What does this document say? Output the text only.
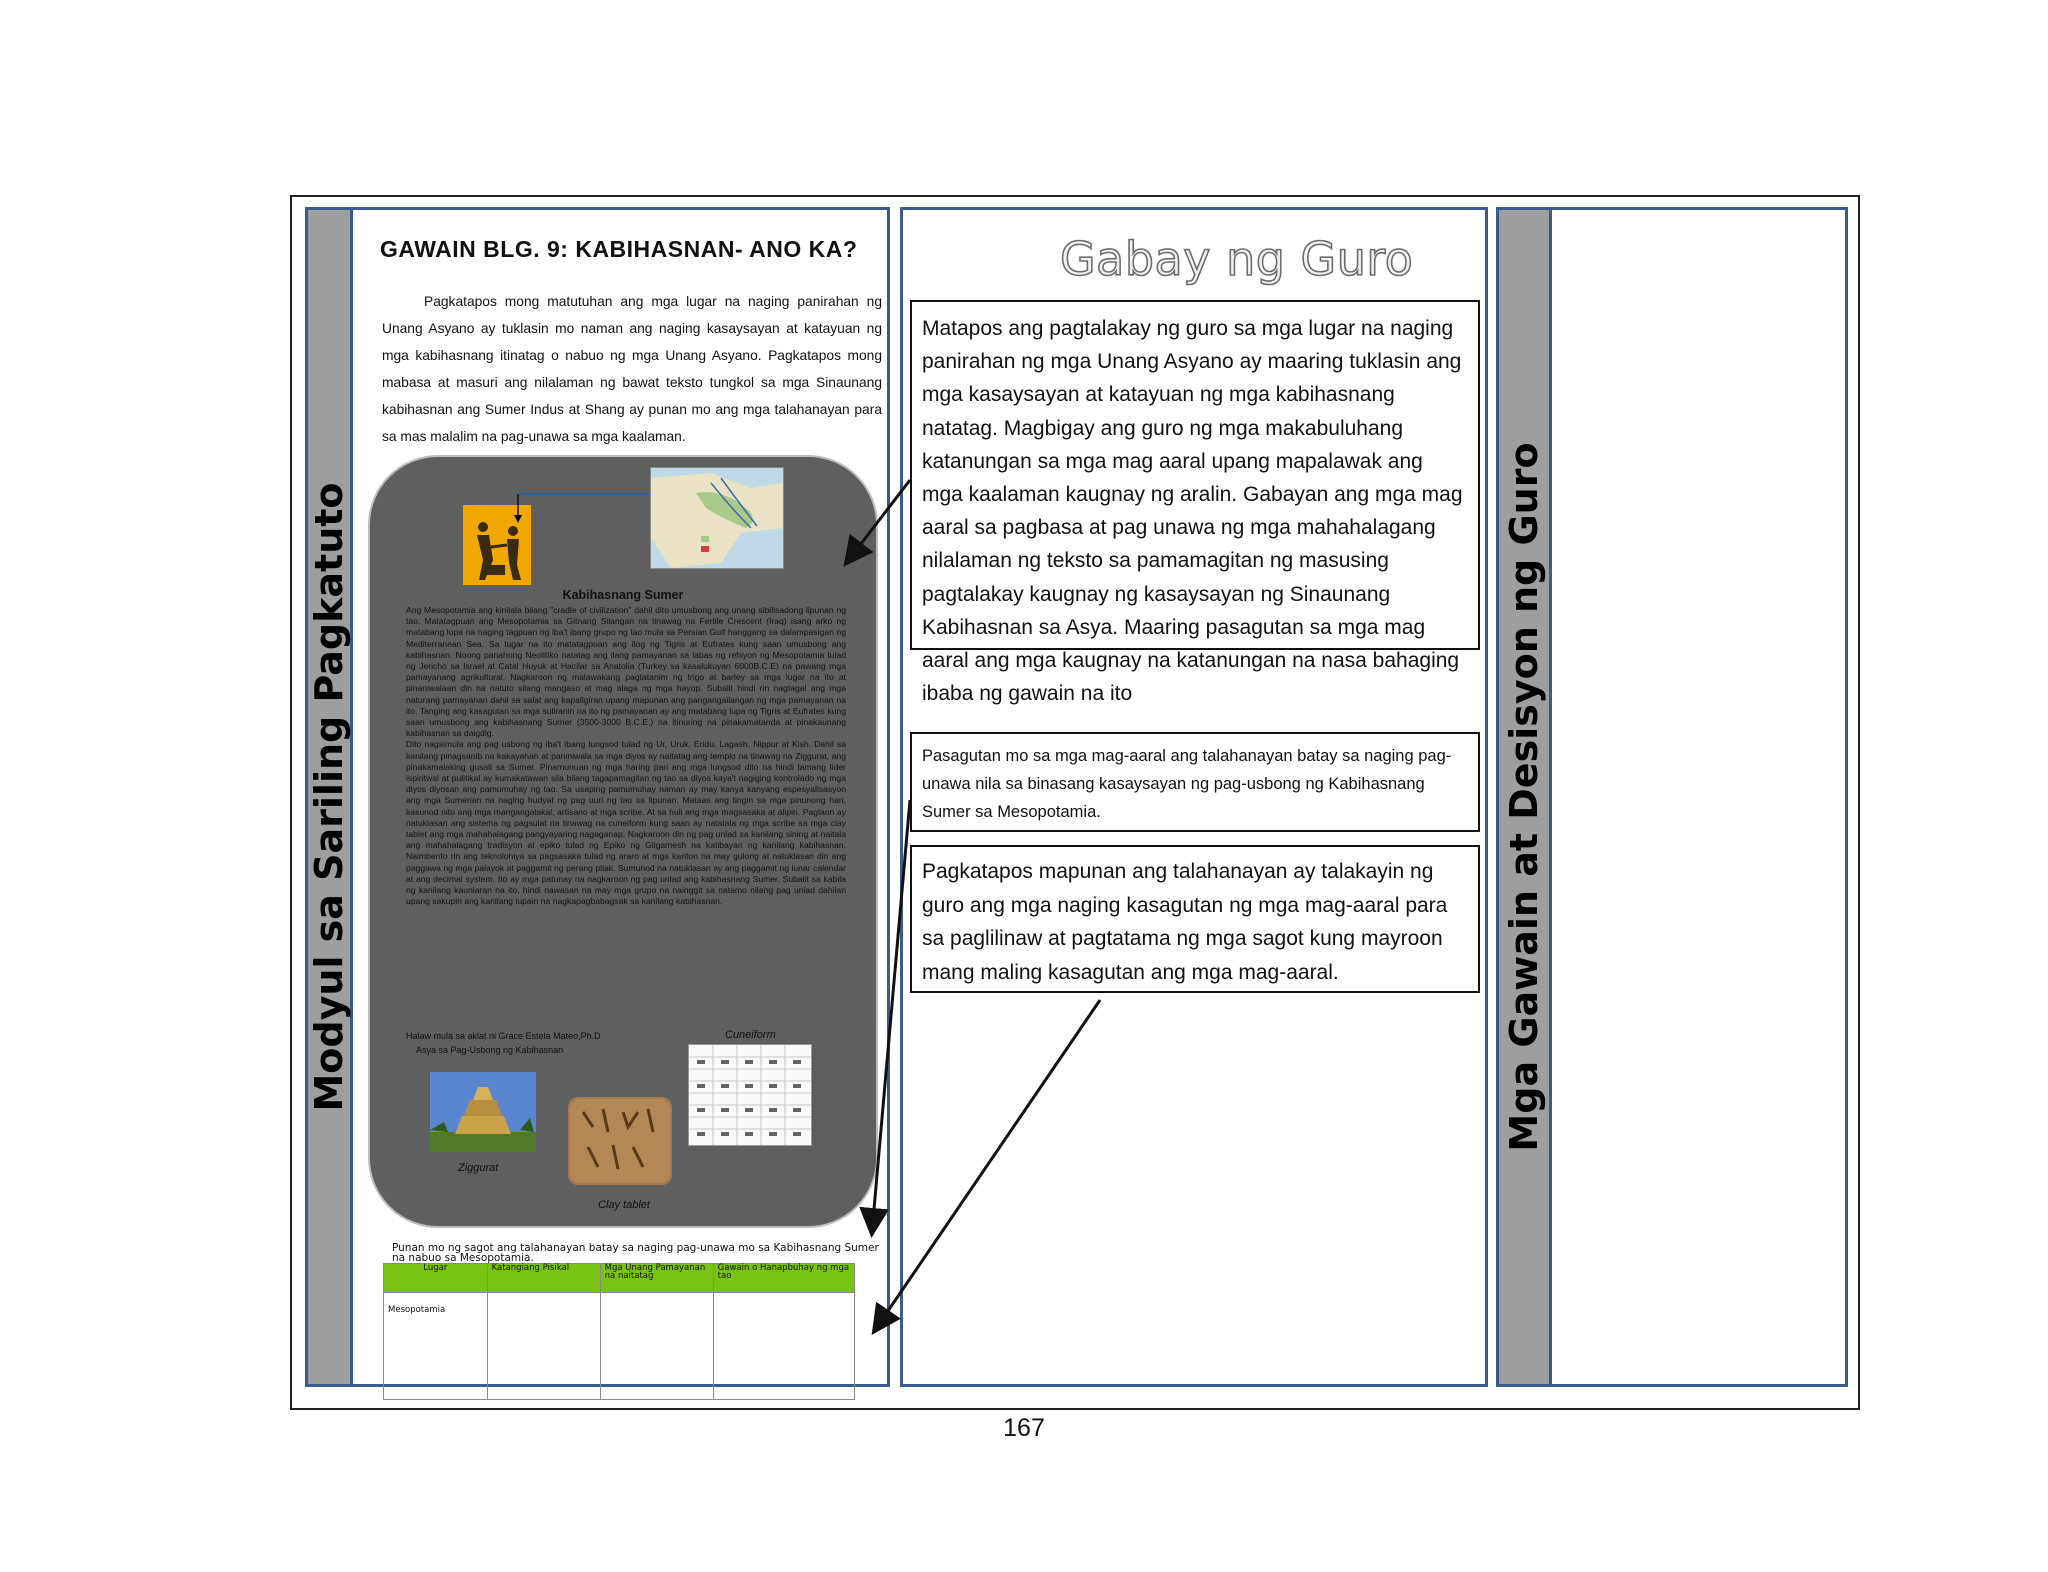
Modyul sa Sariling Pagkatuto
GAWAIN BLG. 9: KABIHASNAN- ANO KA?
Pagkatapos mong matutuhan ang mga lugar na naging panirahan ng Unang Asyano ay tuklasin mo naman ang naging kasaysayan at katayuan ng mga kabihasnang itinatag o nabuo ng mga Unang Asyano. Pagkatapos mong mabasa at masuri ang nilalaman ng bawat teksto tungkol sa mga Sinaunang kabihasnan ang Sumer Indus at Shang ay punan mo ang mga talahanayan para sa mas malalim na pag-unawa sa mga kaalaman.
Kabihasnang Sumer
Ang Mesopotamia ang kinilala bilang "cradle of civilization" dahil dito umusbong ang unang sibilisadong lipunan ng tao. Matatagpuan ang Mesopotamia sa Gitnang Silangan na tinawag na Fertile Crescent (Iraq) isang arko ng matabang lupa na naging tagpuan ng iba't ibang grupo ng tao mula sa Persian Gulf hanggang sa dalampasigan ng Mediterranean Sea. Sa lugar na ito matatagpuan ang ilog ng Tigris at Eufrates kung saan umusbong ang kabihasnan. Noong panahong Neolitiko natatag ang ilang pamayanan sa labas ng rehiyon ng Mesopotamia tulad ng Jericho sa Israel at Catal Huyuk at Hacilar sa Anatolia (Turkey sa kasalukuyan 6000B.C.E) na pawang mga pamayanang agrikultural. Nagkaroon ng malawakang pagtatanim ng trigo at barley sa mga lugar na ito at pinaniwalaan din na natuto silang mangaso at mag alaga ng mga hayop. Subalit hindi rin nagtagal ang mga naturang pamayanan dahil sa salat ang kapaligiran upang mapunan ang pangangailangan ng mga pamayanan na ito. Tanging ang kasagutan sa mga suliranin na ito ng pamayanan ay ang matabang lupa ng Tigris at Eufrates kung saan umusbong ang kabihasnang Sumer (3500-3000 B.C.E.) na itinuring na pinakamatanda at pinakaunang kabihasnan sa daigdig.
Dito nagsimula ang pag usbong ng iba't ibang lungsod tulad ng Ur, Uruk, Eridu, Lagash, Nippur at Kish. Dahil sa kanilang pinagsanib na kakayahan at paniniwala sa mga diyos ay naitatag ang templo na tinawag na Ziggurat, ang pinakamalaking gusali sa Sumer. Pinamunuan ng mga haring pari ang mga lungsod dito na hindi lamang lider ispiritwal at pulitikal ay kumakatawan sila bilang tagapamagitan ng tao sa diyos kaya't nagiging kontrolado ng mga diyos diyosan ang pamumuhay ng tao. Sa usaping pamumuhay naman ay may kanya kanyang espesyalisasyon ang mga Sumerian na naging hudyat ng pag uuri ng tao sa lipunan. Mataas ang tingin sa mga pinunong hari, kasunod nito ang mga mangangalakal, artisano at mga scribe. At sa huli ang mga magsasaka at alipin. Paglaon ay natuklasan ang sistema ng pagsulat na tinawag na cuneiform kung saan ay natatala ng mga scribe sa mga clay tablet ang mga mahahalagang pangyayaring nagaganap. Nagkaroon din ng pag unlad sa kanilang sining at naitala ang mahahalagang tradisyon at epiko tulad ng Epiko ng Gilgamesh na katibayan ng kanilang kabihasnan. Naimbento rin ang teknolohiya sa pagsasaka tulad ng araro at mga kariton na may gulong at natuklasan din ang paggawa ng mga palayok at paggamit ng perang pilak. Sumunod na natuklasan ay ang paggamit ng lunar calendar at ang decimal system. Ito ay mga patunay na nagkaroon ng pag unlad ang kabihasnang Sumer. Subalit sa kabila ng kanilang kaunlaran na ito, hindi nawasan na may mga grupo na nainggit sa natamo nilang pag unlad dahilan upang sakupin ang kanilang lupain na nagkapagbabagsak sa kanilang kabihasnan.
Halaw mula sa aklat ni Grace Estela Mateo,Ph.D
Asya sa Pag-Usbong ng Kabihasnan
Ziggurat
Clay tablet
Cuneiform
Punan mo ng sagot ang talahanayan batay sa naging pag-unawa mo sa Kabihasnang Sumer na nabuo sa Mesopotamia.
Lugar	Katangiang Pisikal	Mga Unang Pamayanan na naitatag	Gawain o Hanapbuhay ng mga tao
Mesopotamia			
Gabay ng Guro
Matapos ang pagtalakay ng guro sa mga lugar na naging panirahan ng mga Unang Asyano ay maaring tuklasin ang mga kasaysayan at katayuan ng mga kabihasnang natatag. Magbigay ang guro ng mga makabuluhang katanungan sa mga mag aaral upang mapalawak ang mga kaalaman kaugnay ng aralin. Gabayan ang mga mag aaral sa pagbasa at pag unawa ng mga mahahalagang nilalaman ng teksto sa pamamagitan ng masusing pagtalakay kaugnay ng kasaysayan ng Sinaunang Kabihasnan sa Asya. Maaring pasagutan sa mga mag aaral ang mga kaugnay na katanungan na nasa bahaging ibaba ng gawain na ito
Pasagutan mo sa mga mag-aaral ang talahanayan batay sa naging pag-unawa nila sa binasang kasaysayan ng pag-usbong ng Kabihasnang Sumer sa Mesopotamia.
Pagkatapos mapunan ang talahanayan ay talakayin ng guro ang mga naging kasagutan ng mga mag-aaral para sa paglilinaw at pagtatama ng mga sagot kung mayroon mang maling kasagutan ang mga mag-aaral.	Mga Gawain at Desisyon ng Guro
167
